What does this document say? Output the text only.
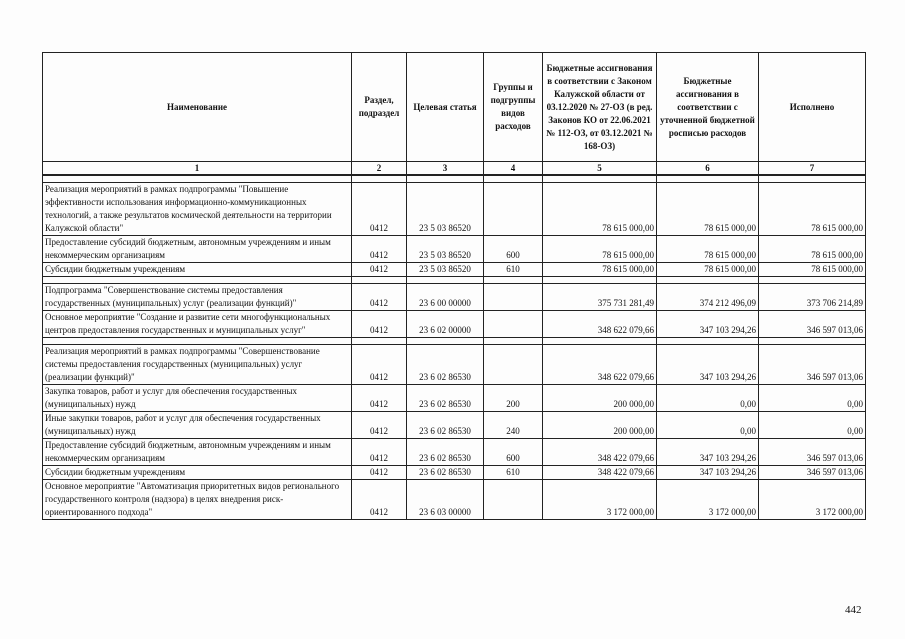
Наименование	Раздел, подраздел	Целевая статья	Группы и подгруппы видов расходов	Бюджетные ассигнования в соответствии с Законом Калужской области от 03.12.2020 № 27-ОЗ (в ред. Законов КО от 22.06.2021 № 112-ОЗ, от 03.12.2021 № 168-ОЗ)	Бюджетные ассигнования в соответствии с уточненной бюджетной росписью расходов	Исполнено
1	2	3	4	5	6	7

Реализация мероприятий в рамках подпрограммы "Повышение эффективности использования информационно-коммуникационных технологий, а также результатов космической деятельности на территории Калужской области"	0412	23 5 03 86520		78 615 000,00	78 615 000,00	78 615 000,00
Предоставление субсидий бюджетным, автономным учреждениям и иным некоммерческим организациям	0412	23 5 03 86520	600	78 615 000,00	78 615 000,00	78 615 000,00
Субсидии бюджетным учреждениям	0412	23 5 03 86520	610	78 615 000,00	78 615 000,00	78 615 000,00

Подпрограмма "Совершенствование системы предоставления государственных (муниципальных) услуг (реализации функций)"	0412	23 6 00 00000		375 731 281,49	374 212 496,09	373 706 214,89
Основное мероприятие "Создание и развитие сети многофункциональных центров предоставления государственных и муниципальных услуг"	0412	23 6 02 00000		348 622 079,66	347 103 294,26	346 597 013,06

Реализация мероприятий в рамках подпрограммы "Совершенствование системы предоставления государственных (муниципальных) услуг (реализации функций)"	0412	23 6 02 86530		348 622 079,66	347 103 294,26	346 597 013,06
Закупка товаров, работ и услуг для обеспечения государственных (муниципальных) нужд	0412	23 6 02 86530	200	200 000,00	0,00	0,00
Иные закупки товаров, работ и услуг для обеспечения государственных (муниципальных) нужд	0412	23 6 02 86530	240	200 000,00	0,00	0,00
Предоставление субсидий бюджетным, автономным учреждениям и иным некоммерческим организациям	0412	23 6 02 86530	600	348 422 079,66	347 103 294,26	346 597 013,06
Субсидии бюджетным учреждениям	0412	23 6 02 86530	610	348 422 079,66	347 103 294,26	346 597 013,06
Основное мероприятие "Автоматизация приоритетных видов регионального государственного контроля (надзора) в целях внедрения риск-ориентированного подхода"	0412	23 6 03 00000		3 172 000,00	3 172 000,00	3 172 000,00
442
